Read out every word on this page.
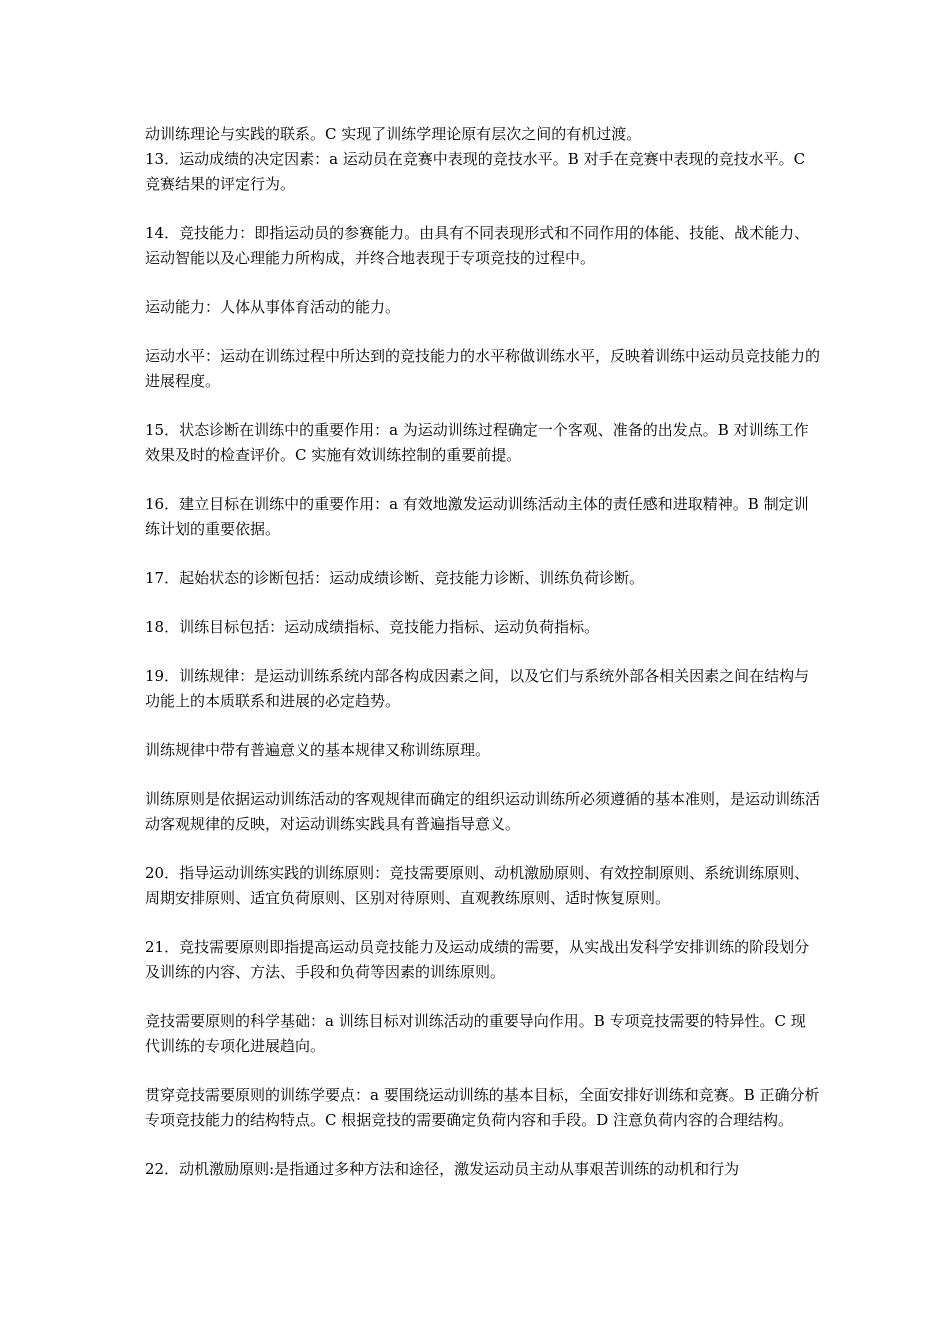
动训练理论与实践的联系。C 实现了训练学理论原有层次之间的有机过渡。

13．运动成绩的决定因素：a 运动员在竞赛中表现的竞技水平。B 对手在竞赛中表现的竞技水平。C 竞赛结果的评定行为。

14．竞技能力：即指运动员的参赛能力。由具有不同表现形式和不同作用的体能、技能、战术能力、运动智能以及心理能力所构成，并终合地表现于专项竞技的过程中。

运动能力：人体从事体育活动的能力。

运动水平：运动在训练过程中所达到的竞技能力的水平称做训练水平，反映着训练中运动员竞技能力的进展程度。

15．状态诊断在训练中的重要作用：a 为运动训练过程确定一个客观、准备的出发点。B 对训练工作效果及时的检查评价。C 实施有效训练控制的重要前提。

16．建立目标在训练中的重要作用：a 有效地激发运动训练活动主体的责任感和进取精神。B 制定训练计划的重要依据。

17．起始状态的诊断包括：运动成绩诊断、竞技能力诊断、训练负荷诊断。

18．训练目标包括：运动成绩指标、竞技能力指标、运动负荷指标。

19．训练规律：是运动训练系统内部各构成因素之间，以及它们与系统外部各相关因素之间在结构与功能上的本质联系和进展的必定趋势。

训练规律中带有普遍意义的基本规律又称训练原理。

训练原则是依据运动训练活动的客观规律而确定的组织运动训练所必须遵循的基本准则，是运动训练活动客观规律的反映，对运动训练实践具有普遍指导意义。

20．指导运动训练实践的训练原则：竞技需要原则、动机激励原则、有效控制原则、系统训练原则、周期安排原则、适宜负荷原则、区别对待原则、直观教练原则、适时恢复原则。

21．竞技需要原则即指提高运动员竞技能力及运动成绩的需要，从实战出发科学安排训练的阶段划分及训练的内容、方法、手段和负荷等因素的训练原则。

竞技需要原则的科学基础：a 训练目标对训练活动的重要导向作用。B 专项竞技需要的特异性。C 现代训练的专项化进展趋向。

贯穿竞技需要原则的训练学要点：a 要围绕运动训练的基本目标，全面安排好训练和竞赛。B 正确分析专项竞技能力的结构特点。C 根据竞技的需要确定负荷内容和手段。D 注意负荷内容的合理结构。

22．动机激励原则:是指通过多种方法和途径，激发运动员主动从事艰苦训练的动机和行为
